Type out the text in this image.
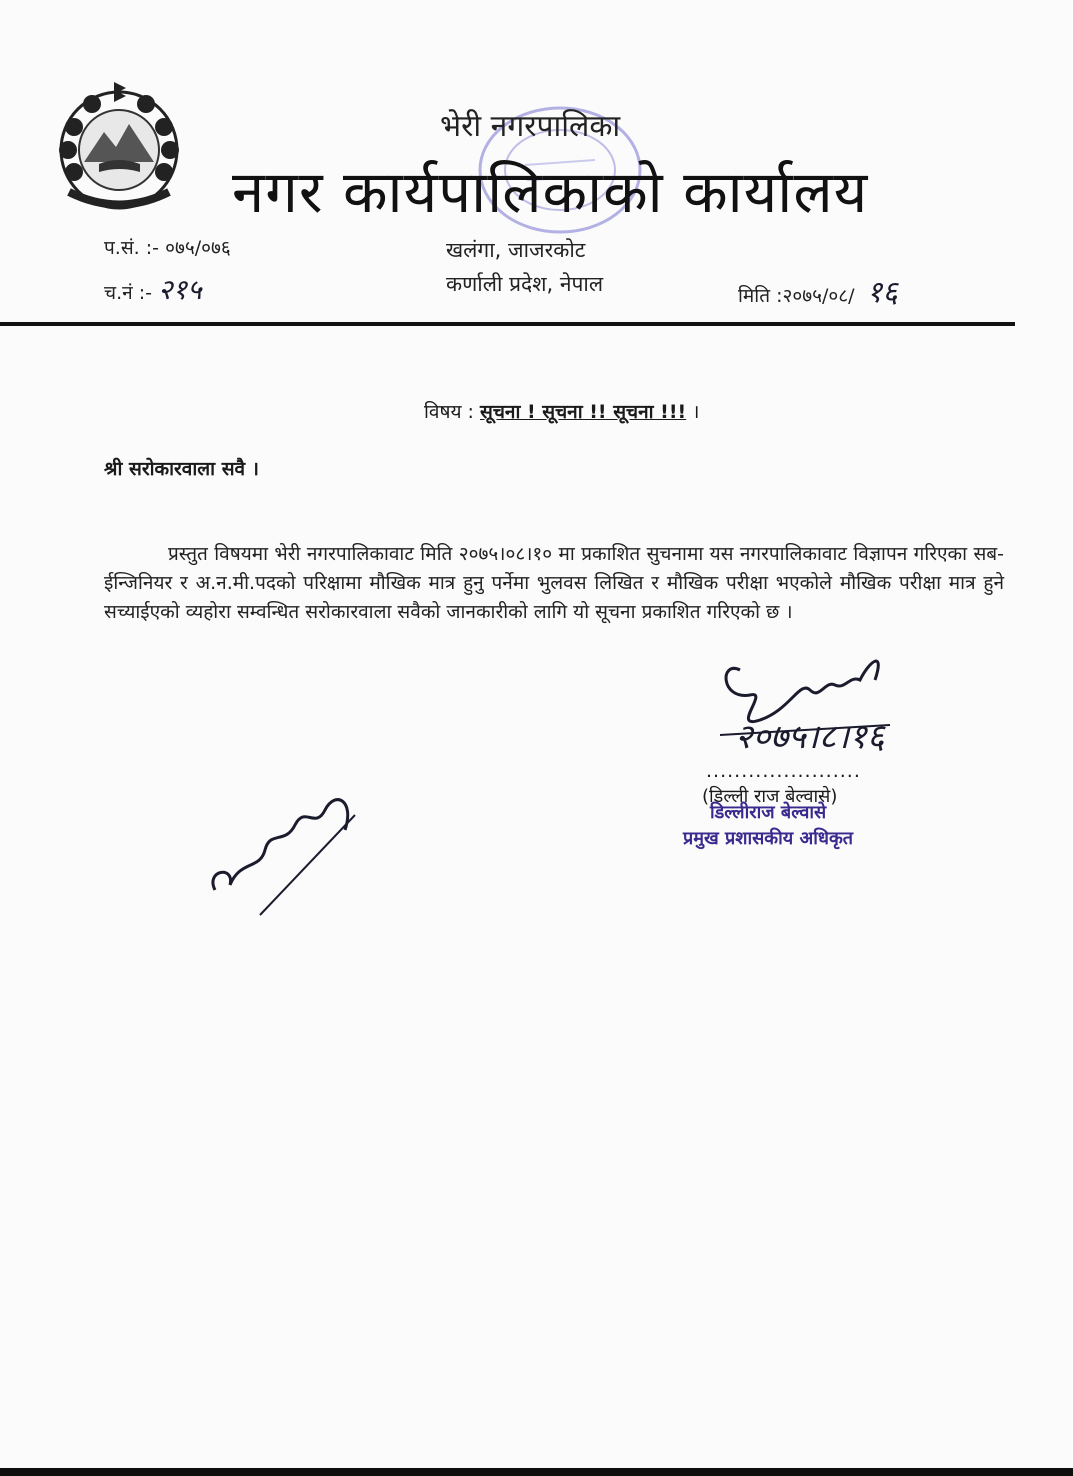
भेरी नगरपालिका
नगर कार्यपालिकाको कार्यालय
प.सं. :- ०७५/०७६
च.नं :- २१५
खलंगा, जाजरकोट
कर्णाली प्रदेश, नेपाल	मिति :२०७५/०८/ १६
विषय : सूचना ! सूचना !! सूचना !!! ।
श्री सरोकारवाला सवै ।
प्रस्तुत विषयमा भेरी नगरपालिकावाट मिति २०७५।०८।१० मा प्रकाशित सुचनामा यस नगरपालिकावाट विज्ञापन गरिएका सब- ईन्जिनियर र अ.न.मी.पदको परिक्षामा मौखिक मात्र हुनु पर्नेमा भुलवस लिखित र मौखिक परीक्षा भएकोले मौखिक परीक्षा मात्र हुने सच्याईएको व्यहोरा सम्वन्धित सरोकारवाला सवैको जानकारीको लागि यो सूचना प्रकाशित गरिएको छ ।
२०७५।८।१६
......................
(डिल्ली राज बेल्वासे)
डिल्लीराज बेल्वासे
प्रमुख प्रशासकीय अधिकृत
